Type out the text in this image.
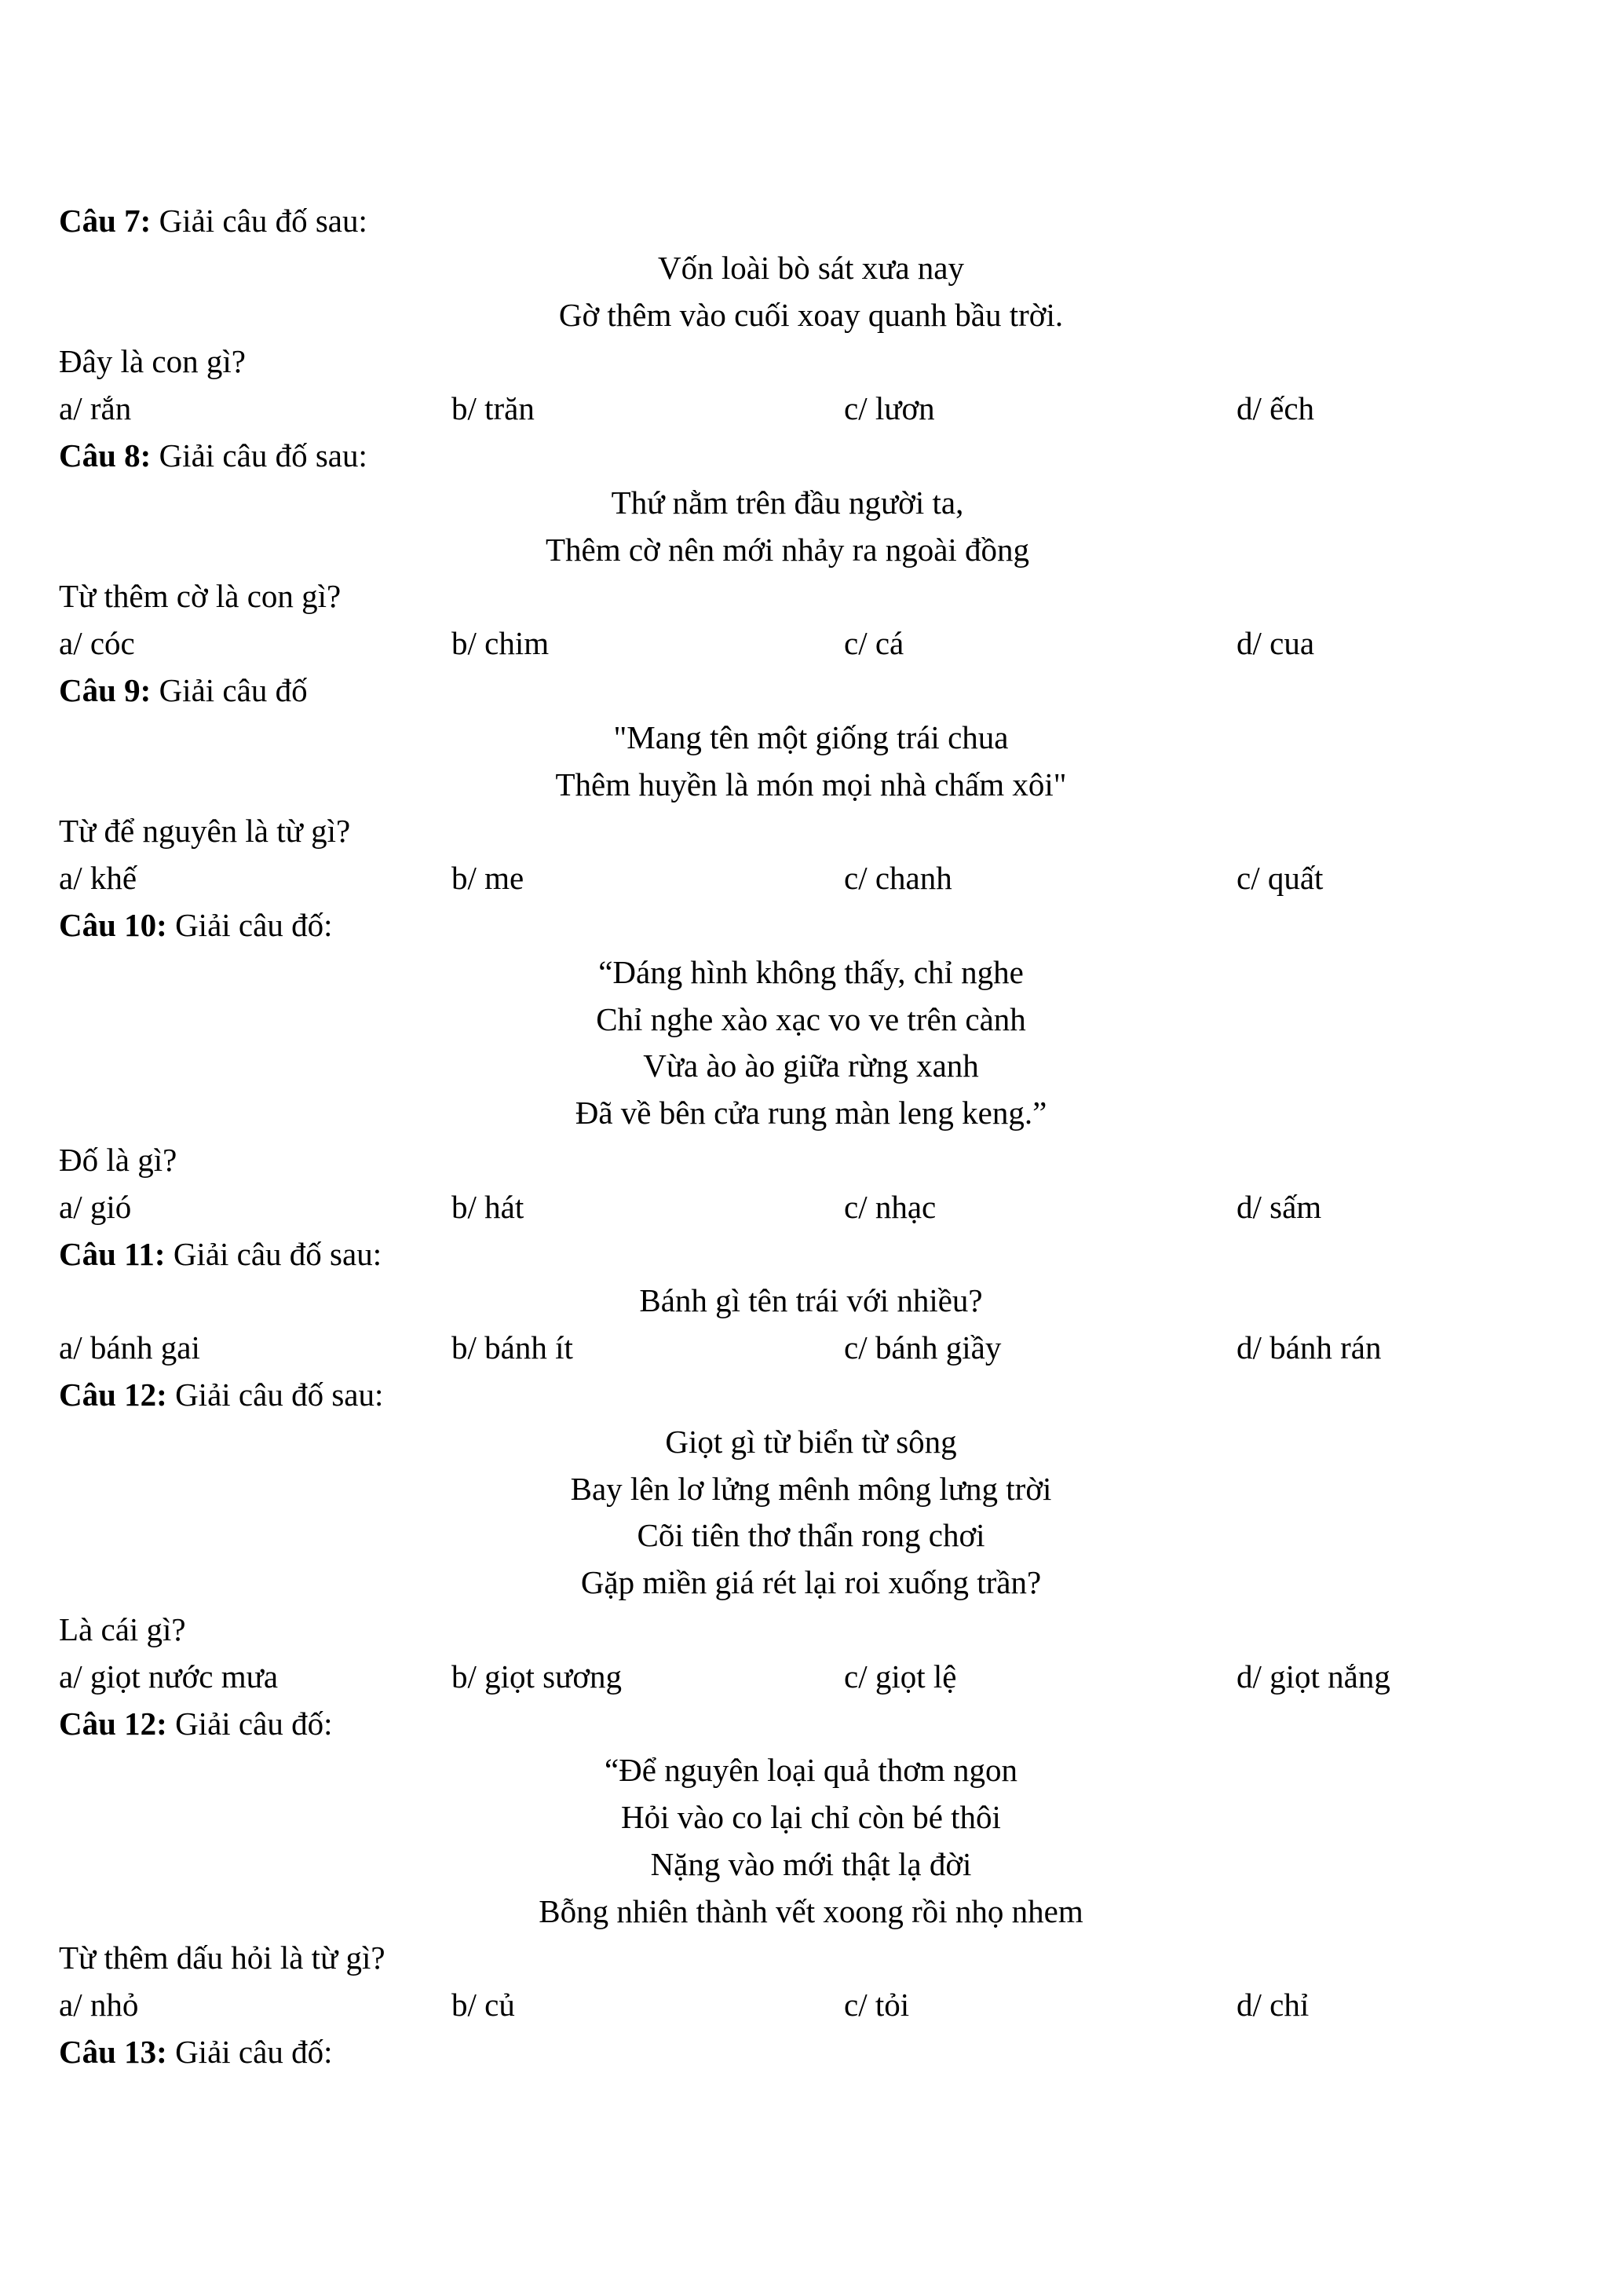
Câu 7: Giải câu đố sau:
Vốn loài bò sát xưa nay
Gờ thêm vào cuối xoay quanh bầu trời.
Đây là con gì?
a/ rắn	b/ trăn	c/ lươn	d/ ếch
Câu 8: Giải câu đố sau:
Thứ nằm trên đầu người ta,
Thêm cờ nên mới nhảy ra ngoài đồng
Từ thêm cờ là con gì?
a/ cóc	b/ chim	c/ cá	d/ cua
Câu 9: Giải câu đố
"Mang tên một giống trái chua
Thêm huyền là món mọi nhà chấm xôi"
Từ để nguyên là từ gì?
a/ khế	b/ me	c/ chanh	c/ quất
Câu 10: Giải câu đố:
“Dáng hình không thấy, chỉ nghe
Chỉ nghe xào xạc vo ve trên cành
Vừa ào ào giữa rừng xanh
Đã về bên cửa rung màn leng keng.”
Đố là gì?
a/ gió	b/ hát	c/ nhạc	d/ sấm
Câu 11: Giải câu đố sau:
Bánh gì tên trái với nhiều?
a/ bánh gai	b/ bánh ít	c/ bánh giầy	d/ bánh rán
Câu 12: Giải câu đố sau:
Giọt gì từ biển từ sông
Bay lên lơ lửng mênh mông lưng trời
Cõi tiên thơ thẩn rong chơi
Gặp miền giá rét lại roi xuống trần?
Là cái gì?
a/ giọt nước mưa	b/ giọt sương	c/ giọt lệ	d/ giọt nắng
Câu 12: Giải câu đố:
“Để nguyên loại quả thơm ngon
Hỏi vào co lại chỉ còn bé thôi
Nặng vào mới thật lạ đời
Bỗng nhiên thành vết xoong rồi nhọ nhem
Từ thêm dấu hỏi là từ gì?
a/ nhỏ	b/ củ	c/ tỏi	d/ chỉ
Câu 13: Giải câu đố:
